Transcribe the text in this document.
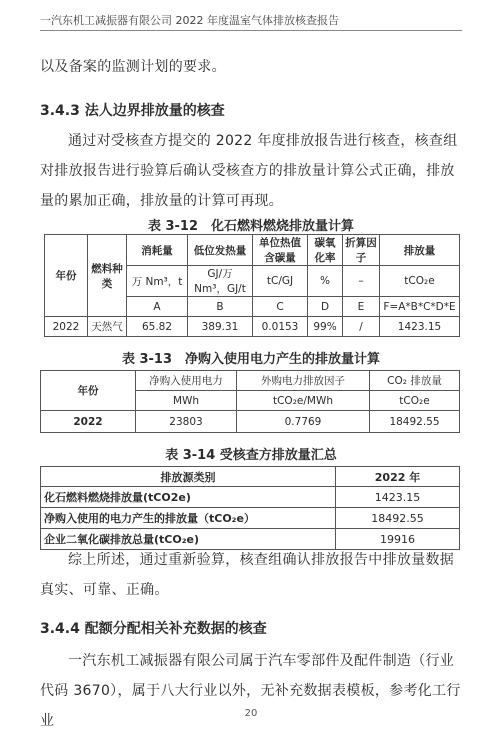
一汽东机工减振器有限公司 2022 年度温室气体排放核查报告
以及备案的监测计划的要求。
3.4.3 法人边界排放量的核查
通过对受核查方提交的 2022 年度排放报告进行核查，核查组对排放报告进行验算后确认受核查方的排放量计算公式正确，排放量的累加正确，排放量的计算可再现。
表 3-12　化石燃料燃烧排放量计算
年份	燃料种类	消耗量	低位发热量	单位热值含碳量	碳氧化率	折算因子	排放量
		万 Nm³，t	GJ/万 Nm³，GJ/t	tC/GJ	%	–	tCO₂e
		A	B	C	D	E	F=A*B*C*D*E
2022	天然气	65.82	389.31	0.0153	99%	/	1423.15
表 3-13　净购入使用电力产生的排放量计算
年份	净购入使用电力	外购电力排放因子	CO₂ 排放量
	MWh	tCO₂e/MWh	tCO₂e
2022	23803	0.7769	18492.55
表 3-14 受核查方排放量汇总
排放源类别	2022 年
化石燃料燃烧排放量(tCO2e)	1423.15
净购入使用的电力产生的排放量（tCO₂e）	18492.55
企业二氧化碳排放总量(tCO₂e)	19916
综上所述，通过重新验算，核查组确认排放报告中排放量数据真实、可靠、正确。
3.4.4 配额分配相关补充数据的核查
一汽东机工减振器有限公司属于汽车零部件及配件制造（行业代码 3670），属于八大行业以外，无补充数据表模板，参考化工行业	20
